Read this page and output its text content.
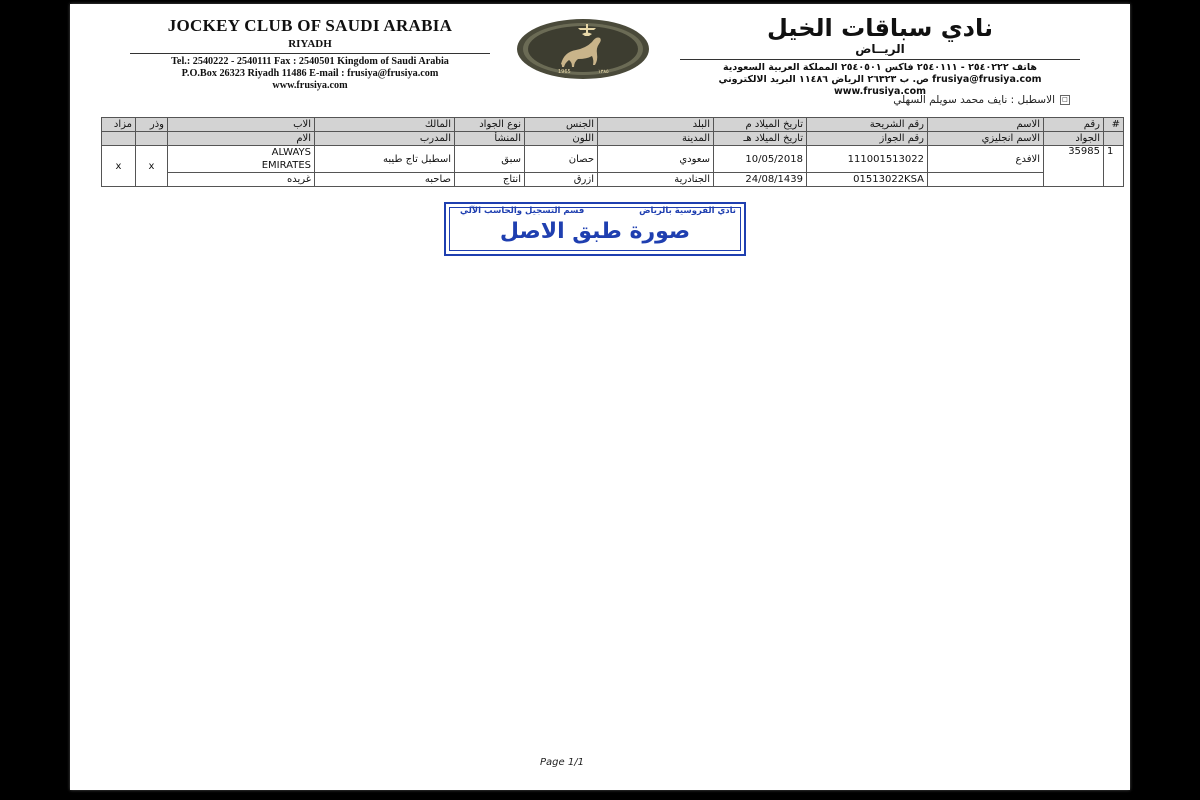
JOCKEY CLUB OF SAUDI ARABIA
RIYADH
Tel.: 2540222 - 2540111 Fax : 2540501 Kingdom of Saudi Arabia
P.O.Box 26323 Riyadh 11486 E-mail : frusiya@frusiya.com
www.frusiya.com
1965	١٣٨٥
نادي سباقات الخيل
الريــاض
هاتف ٢٥٤٠٢٢٢ - ٢٥٤٠١١١ فاكس ٢٥٤٠٥٠١ المملكة العربية السعودية
frusiya@frusiya.com ص. ب ٢٦٣٢٣ الرياض ١١٤٨٦ البريد الالكتروني
www.frusiya.com
□الاسطبل : نايف محمد سويلم السهلي
مزاد	وذر	الاب	المالك	نوع الجواد	الجنس	البلد	تاريخ الميلاد م	رقم الشريحة	الاسم	رقم	#
		الام	المدرب	المنشأ	اللون	المدينة	تاريخ الميلاد هـ	رقم الجواز	الاسم انجليزي	الجواد	
x	x	ALWAYS
EMIRATES	اسطبل تاج طيبه	سبق	حصان	سعودي	10/05/2018	111001513022	الافدع	35985	1
		غريده	صاحبه	انتاج	ازرق	الجنادرية	24/08/1439	01513022KSA			
نادي الفروسية بالرياض
قسم التسجيل والحاسب الآلي
صورة طبق الاصل
Page 1/1
